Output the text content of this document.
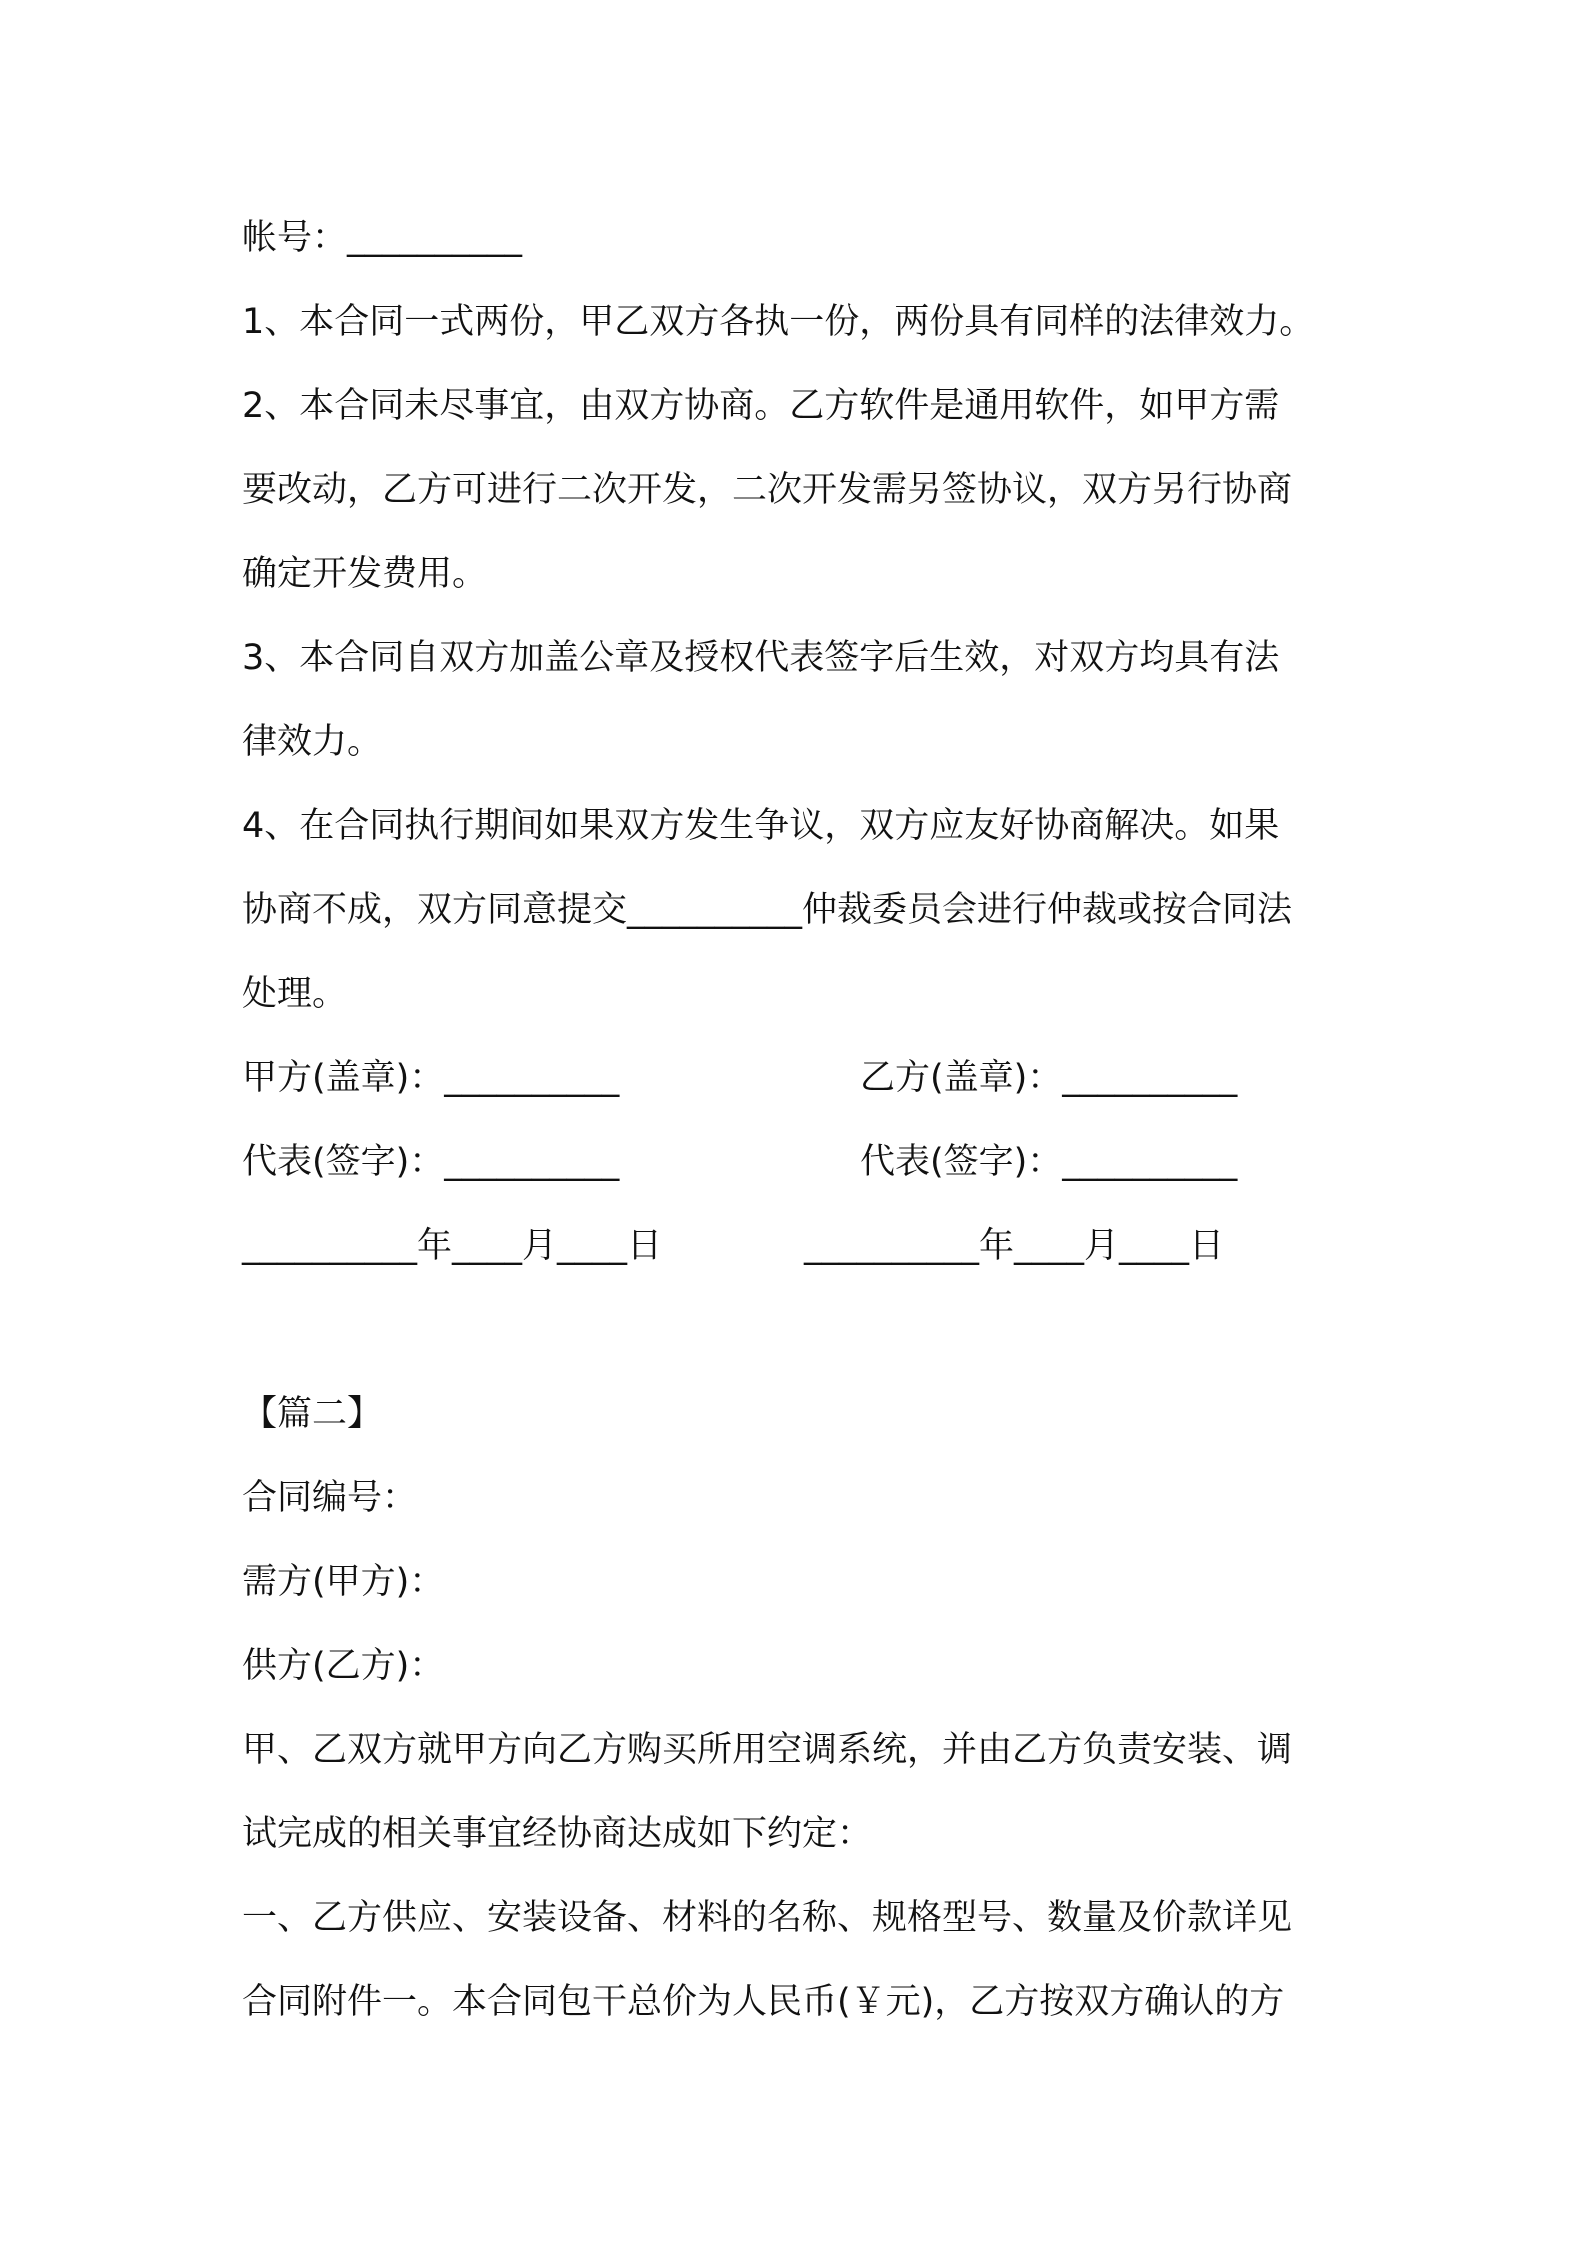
帐号：__________
1、本合同一式两份，甲乙双方各执一份，两份具有同样的法律效力。
2、本合同未尽事宜，由双方协商。乙方软件是通用软件，如甲方需
要改动，乙方可进行二次开发，二次开发需另签协议，双方另行协商
确定开发费用。
3、本合同自双方加盖公章及授权代表签字后生效，对双方均具有法
律效力。
4、在合同执行期间如果双方发生争议，双方应友好协商解决。如果
协商不成，双方同意提交__________仲裁委员会进行仲裁或按合同法
处理。
甲方(盖章)：__________	乙方(盖章)：__________
代表(签字)：__________	代表(签字)：__________
__________年____月____日	__________年____月____日
【篇二】
合同编号：
需方(甲方)：
供方(乙方)：
甲、乙双方就甲方向乙方购买所用空调系统，并由乙方负责安装、调
试完成的相关事宜经协商达成如下约定：
一、乙方供应、安装设备、材料的名称、规格型号、数量及价款详见
合同附件一。本合同包干总价为人民币(￥元)，乙方按双方确认的方
